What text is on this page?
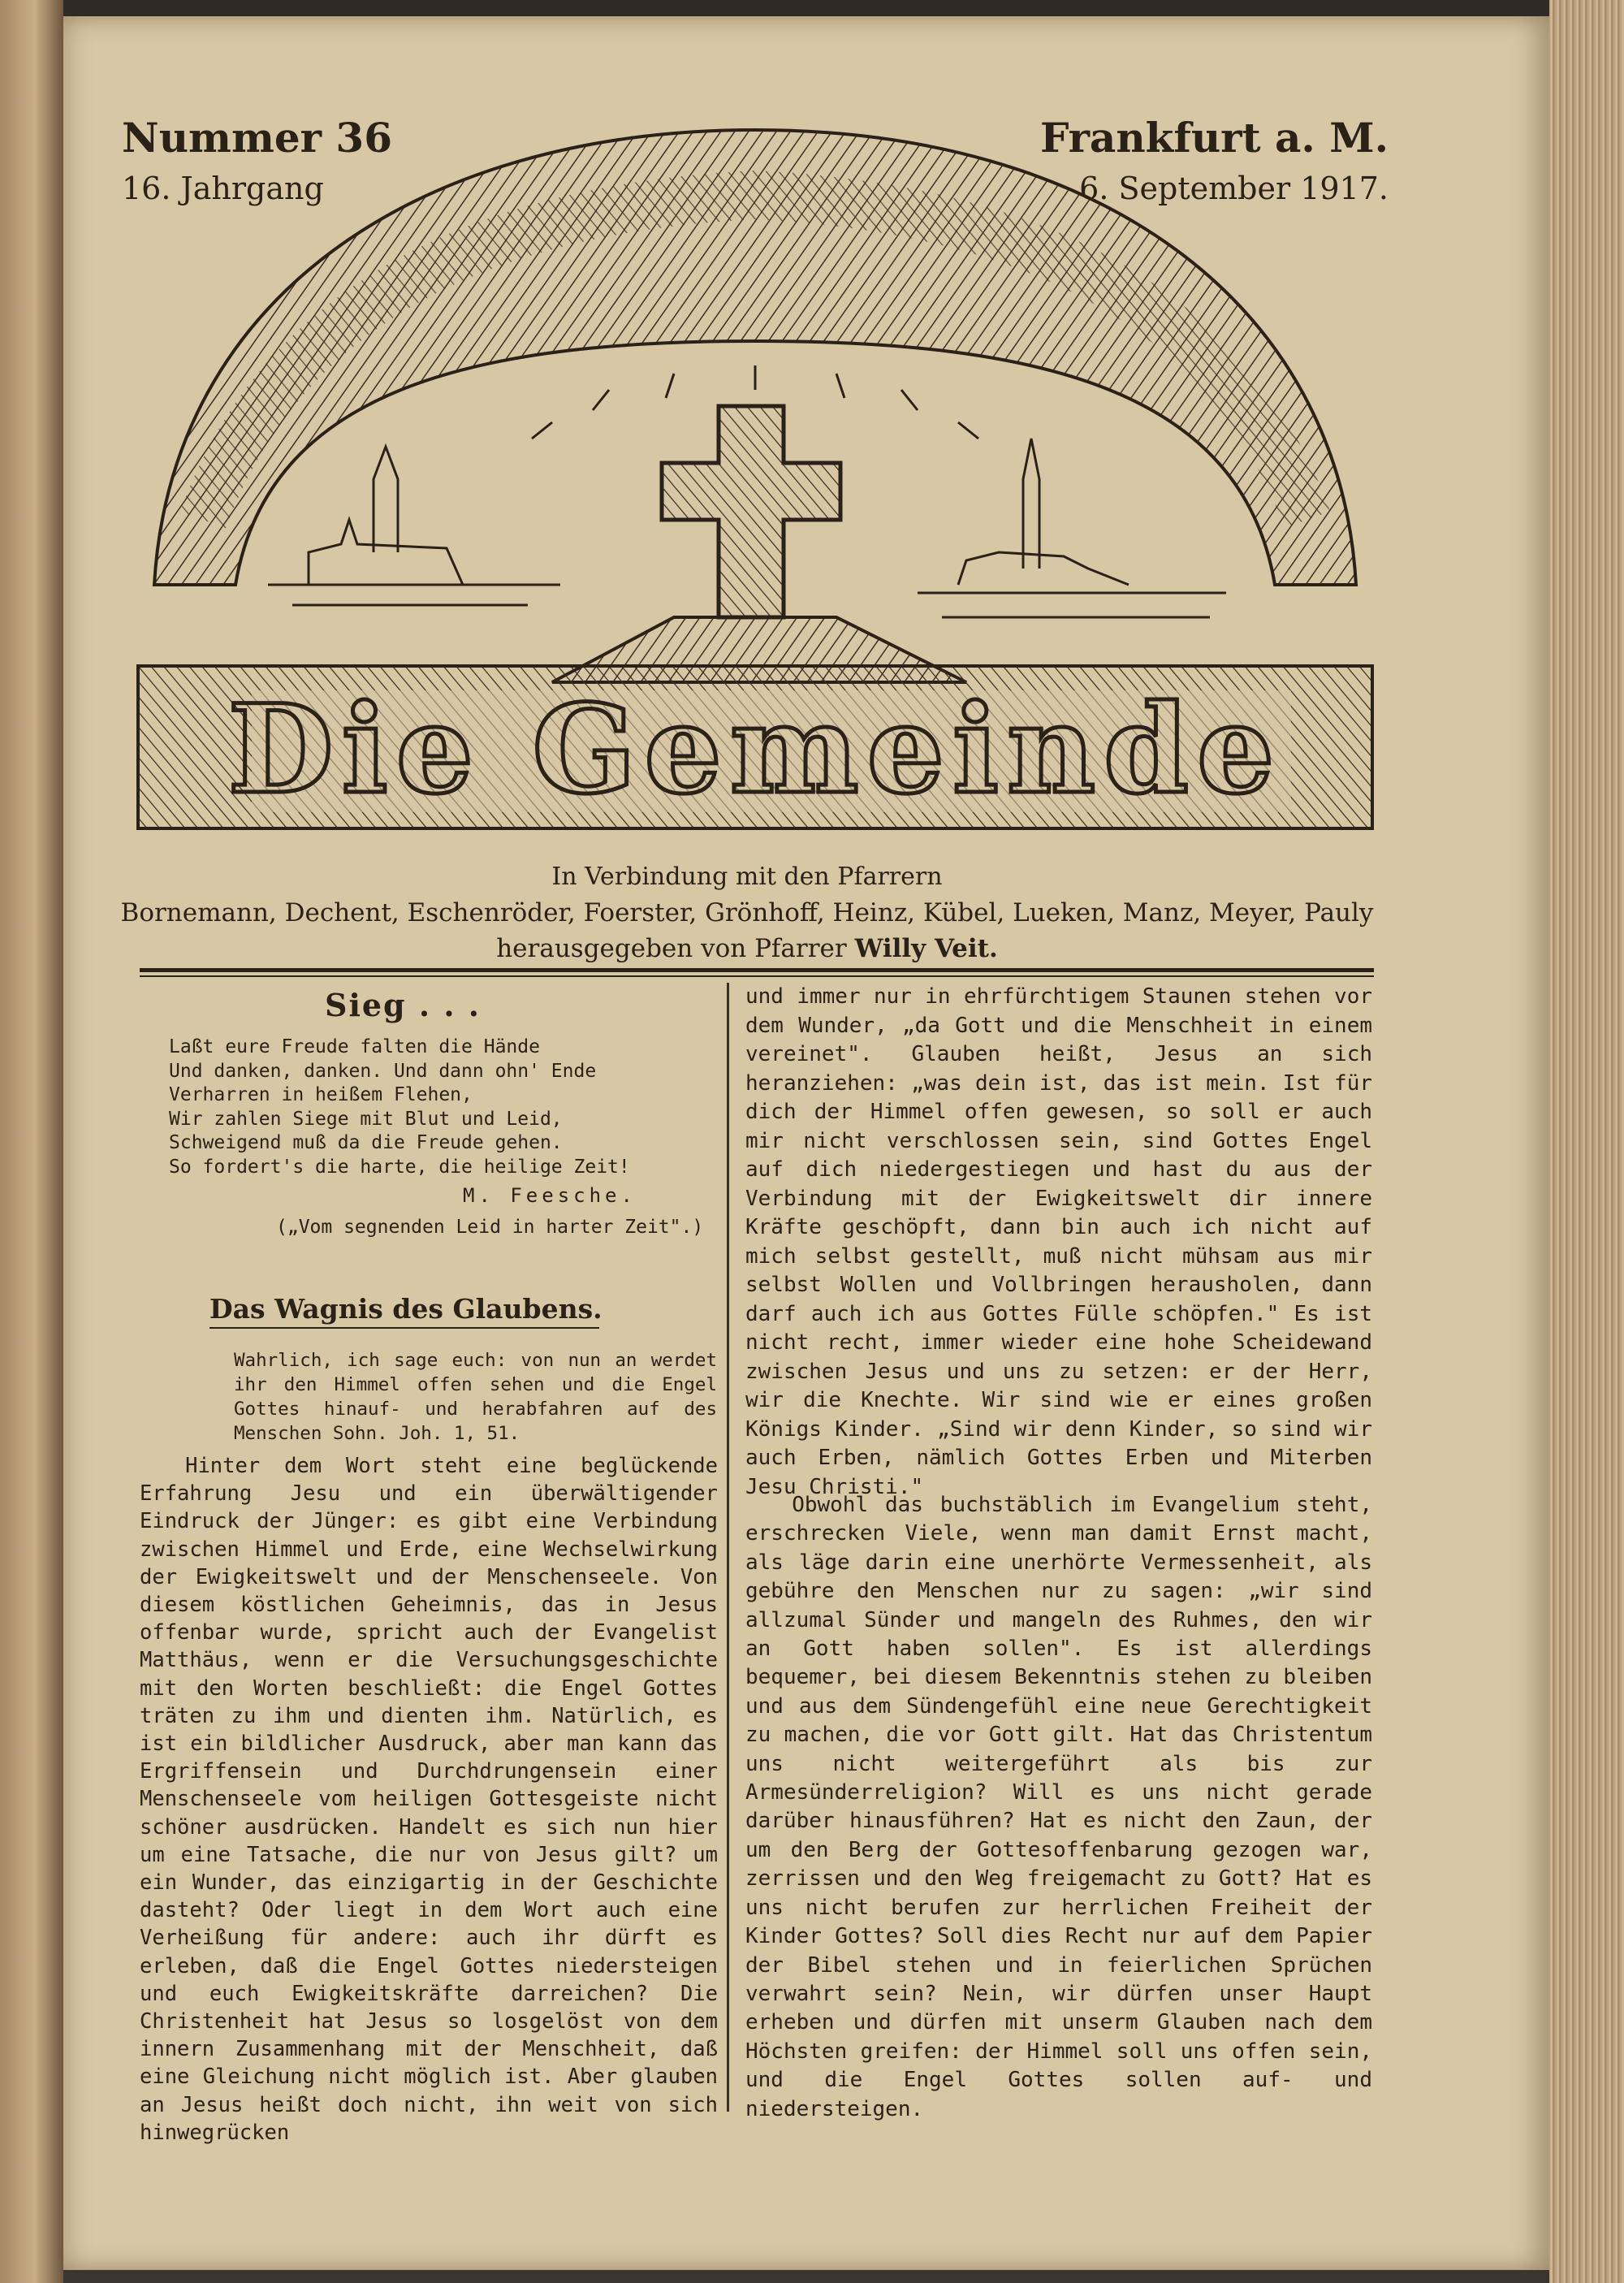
Nummer 36
16. Jahrgang
Frankfurt a. M.
6. September 1917.
Die Gemeinde
In Verbindung mit den Pfarrern
Bornemann, Dechent, Eschenröder, Foerster, Grönhoff, Heinz, Kübel, Lueken, Manz, Meyer, Pauly
herausgegeben von Pfarrer Willy Veit.
Sieg . . .
Laßt eure Freude falten die Hände
Und danken, danken. Und dann ohn' Ende
Verharren in heißem Flehen,
Wir zahlen Siege mit Blut und Leid,
Schweigend muß da die Freude gehen.
So fordert's die harte, die heilige Zeit!
M. Feesche.
(„Vom segnenden Leid in harter Zeit".)
Das Wagnis des Glaubens.
Wahrlich, ich sage euch: von nun an werdet ihr den Himmel offen sehen und die Engel Gottes hinauf- und herabfahren auf des Menschen Sohn. Joh. 1, 51.
Hinter dem Wort steht eine beglückende Erfahrung Jesu und ein überwältigender Eindruck der Jünger: es gibt eine Verbindung zwischen Himmel und Erde, eine Wechselwirkung der Ewigkeitswelt und der Menschenseele. Von diesem köstlichen Geheimnis, das in Jesus offenbar wurde, spricht auch der Evangelist Matthäus, wenn er die Versuchungsgeschichte mit den Worten beschließt: die Engel Gottes träten zu ihm und dienten ihm. Natürlich, es ist ein bildlicher Ausdruck, aber man kann das Ergriffensein und Durchdrungensein einer Menschenseele vom heiligen Gottesgeiste nicht schöner ausdrücken. Handelt es sich nun hier um eine Tatsache, die nur von Jesus gilt? um ein Wunder, das einzigartig in der Geschichte dasteht? Oder liegt in dem Wort auch eine Verheißung für andere: auch ihr dürft es erleben, daß die Engel Gottes niedersteigen und euch Ewigkeitskräfte darreichen? Die Christenheit hat Jesus so losgelöst von dem innern Zusammenhang mit der Menschheit, daß eine Gleichung nicht möglich ist. Aber glauben an Jesus heißt doch nicht, ihn weit von sich hinwegrücken
und immer nur in ehrfürchtigem Staunen stehen vor dem Wunder, „da Gott und die Menschheit in einem vereinet". Glauben heißt, Jesus an sich heranziehen: „was dein ist, das ist mein. Ist für dich der Himmel offen gewesen, so soll er auch mir nicht verschlossen sein, sind Gottes Engel auf dich niedergestiegen und hast du aus der Verbindung mit der Ewigkeitswelt dir innere Kräfte geschöpft, dann bin auch ich nicht auf mich selbst gestellt, muß nicht mühsam aus mir selbst Wollen und Vollbringen herausholen, dann darf auch ich aus Gottes Fülle schöpfen." Es ist nicht recht, immer wieder eine hohe Scheidewand zwischen Jesus und uns zu setzen: er der Herr, wir die Knechte. Wir sind wie er eines großen Königs Kinder. „Sind wir denn Kinder, so sind wir auch Erben, nämlich Gottes Erben und Miterben Jesu Christi."
Obwohl das buchstäblich im Evangelium steht, erschrecken Viele, wenn man damit Ernst macht, als läge darin eine unerhörte Vermessenheit, als gebühre den Menschen nur zu sagen: „wir sind allzumal Sünder und mangeln des Ruhmes, den wir an Gott haben sollen". Es ist allerdings bequemer, bei diesem Bekenntnis stehen zu bleiben und aus dem Sündengefühl eine neue Gerechtigkeit zu machen, die vor Gott gilt. Hat das Christentum uns nicht weitergeführt als bis zur Armesünderreligion? Will es uns nicht gerade darüber hinausführen? Hat es nicht den Zaun, der um den Berg der Gottesoffenbarung gezogen war, zerrissen und den Weg freigemacht zu Gott? Hat es uns nicht berufen zur herrlichen Freiheit der Kinder Gottes? Soll dies Recht nur auf dem Papier der Bibel stehen und in feierlichen Sprüchen verwahrt sein? Nein, wir dürfen unser Haupt erheben und dürfen mit unserm Glauben nach dem Höchsten greifen: der Himmel soll uns offen sein, und die Engel Gottes sollen auf- und niedersteigen.
